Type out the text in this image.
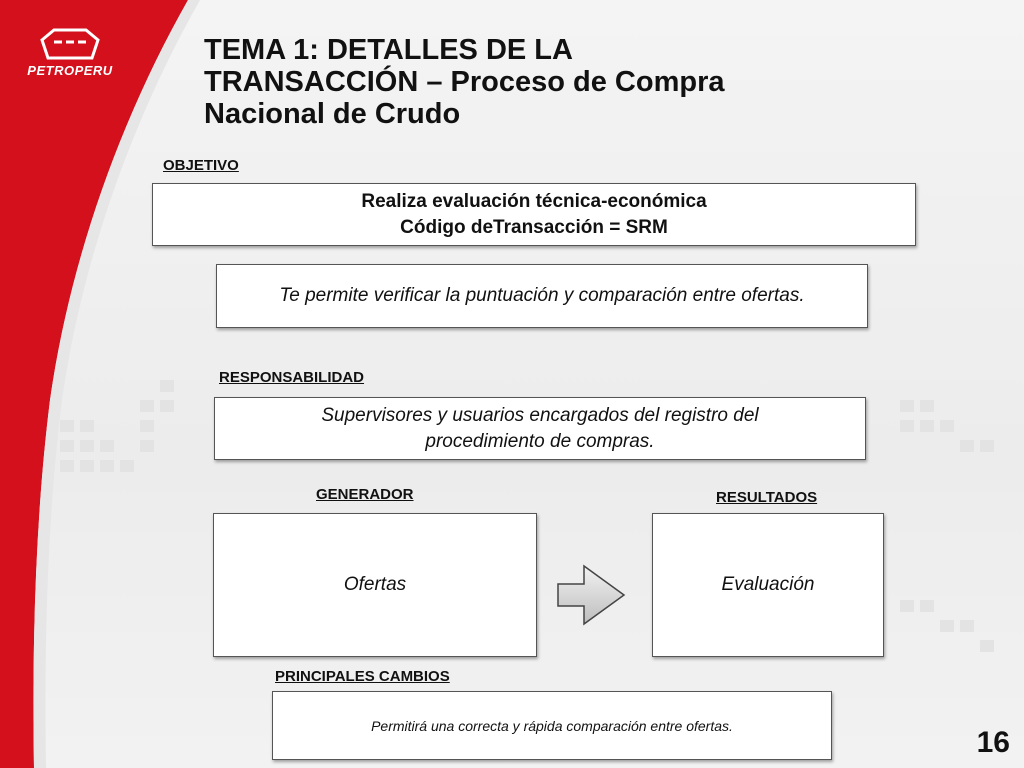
PETROPERU
TEMA 1: DETALLES DE LA
TRANSACCIÓN – Proceso de Compra
Nacional de Crudo
OBJETIVO
Realiza evaluación técnica-económica
Código deTransacción = SRM
Te permite verificar la puntuación y comparación entre ofertas.
RESPONSABILIDAD
Supervisores y usuarios encargados del registro del
procedimiento de compras.
GENERADOR	RESULTADOS
Ofertas	Evaluación
PRINCIPALES CAMBIOS
Permitirá una correcta y rápida comparación entre ofertas.
16
